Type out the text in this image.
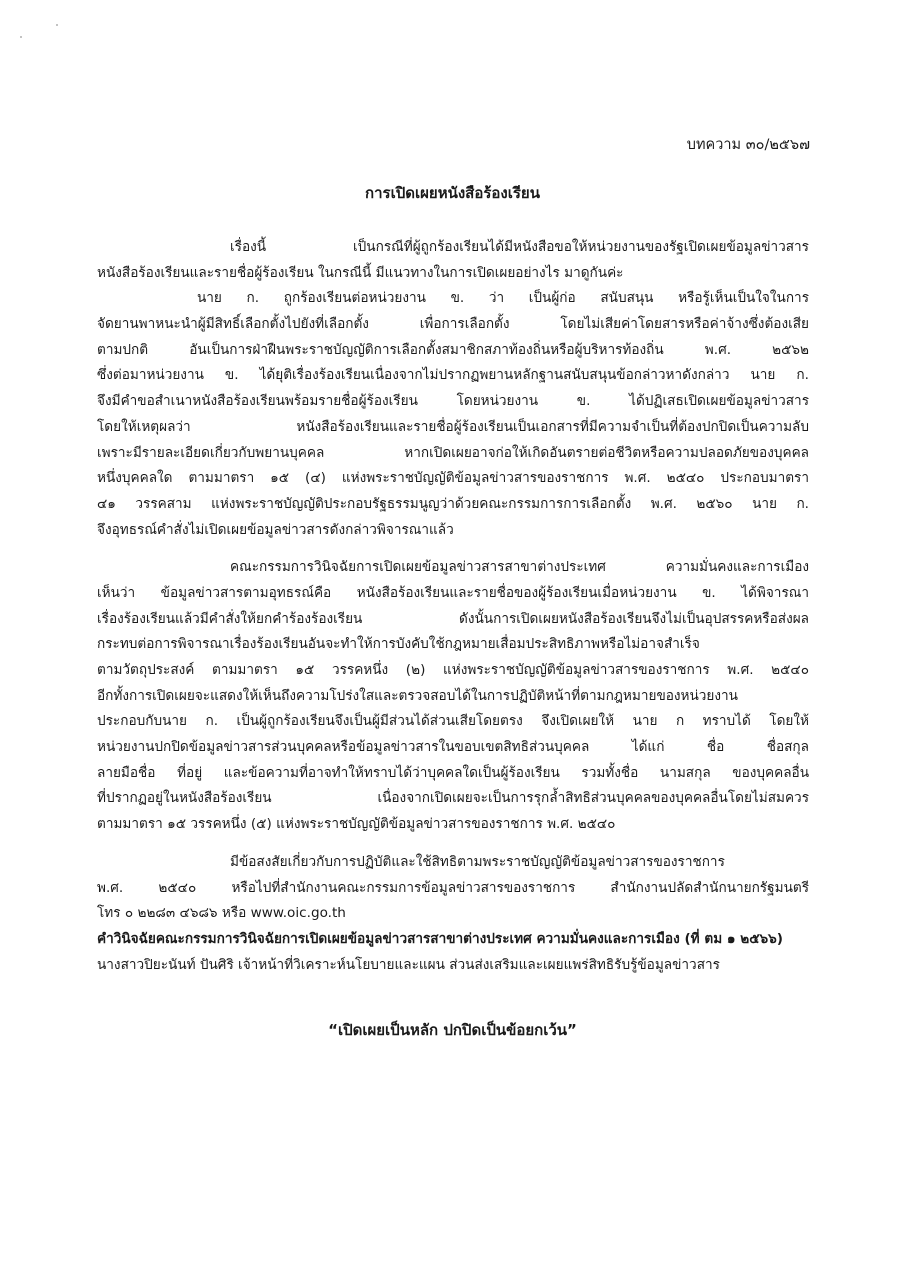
บทความ ๓๐/๒๕๖๗
การเปิดเผยหนังสือร้องเรียน
เรื่องนี้ เป็นกรณีที่ผู้ถูกร้องเรียนได้มีหนังสือขอให้หน่วยงานของรัฐเปิดเผยข้อมูลข่าวสาร
หนังสือร้องเรียนและรายชื่อผู้ร้องเรียน ในกรณีนี้ มีแนวทางในการเปิดเผยอย่างไร มาดูกันค่ะ
นาย ก. ถูกร้องเรียนต่อหน่วยงาน ข. ว่า เป็นผู้ก่อ สนับสนุน หรือรู้เห็นเป็นใจในการ
จัดยานพาหนะนำผู้มีสิทธิ์เลือกตั้งไปยังที่เลือกตั้ง เพื่อการเลือกตั้ง โดยไม่เสียค่าโดยสารหรือค่าจ้างซึ่งต้องเสีย
ตามปกติ อันเป็นการฝ่าฝืนพระราชบัญญัติการเลือกตั้งสมาชิกสภาท้องถิ่นหรือผู้บริหารท้องถิ่น พ.ศ. ๒๕๖๒
ซึ่งต่อมาหน่วยงาน ข. ได้ยุติเรื่องร้องเรียนเนื่องจากไม่ปรากฏพยานหลักฐานสนับสนุนข้อกล่าวหาดังกล่าว นาย ก.
จึงมีคำขอสำเนาหนังสือร้องเรียนพร้อมรายชื่อผู้ร้องเรียน โดยหน่วยงาน ข. ได้ปฏิเสธเปิดเผยข้อมูลข่าวสาร
โดยให้เหตุผลว่า หนังสือร้องเรียนและรายชื่อผู้ร้องเรียนเป็นเอกสารที่มีความจำเป็นที่ต้องปกปิดเป็นความลับ
เพราะมีรายละเอียดเกี่ยวกับพยานบุคคล หากเปิดเผยอาจก่อให้เกิดอันตรายต่อชีวิตหรือความปลอดภัยของบุคคล
หนึ่งบุคคลใด ตามมาตรา ๑๕ (๔) แห่งพระราชบัญญัติข้อมูลข่าวสารของราชการ พ.ศ. ๒๕๔๐ ประกอบมาตรา
๔๑ วรรคสาม แห่งพระราชบัญญัติประกอบรัฐธรรมนูญว่าด้วยคณะกรรมการการเลือกตั้ง พ.ศ. ๒๕๖๐ นาย ก.
จึงอุทธรณ์คำสั่งไม่เปิดเผยข้อมูลข่าวสารดังกล่าวพิจารณาแล้ว
คณะกรรมการวินิจฉัยการเปิดเผยข้อมูลข่าวสารสาขาต่างประเทศ ความมั่นคงและการเมือง
เห็นว่า ข้อมูลข่าวสารตามอุทธรณ์คือ หนังสือร้องเรียนและรายชื่อของผู้ร้องเรียนเมื่อหน่วยงาน ข. ได้พิจารณา
เรื่องร้องเรียนแล้วมีคำสั่งให้ยกคำร้องร้องเรียน ดังนั้นการเปิดเผยหนังสือร้องเรียนจึงไม่เป็นอุปสรรคหรือส่งผล
กระทบต่อการพิจารณาเรื่องร้องเรียนอันจะทำให้การบังคับใช้กฎหมายเสื่อมประสิทธิภาพหรือไม่อาจสำเร็จ
ตามวัตถุประสงค์ ตามมาตรา ๑๕ วรรคหนึ่ง (๒) แห่งพระราชบัญญัติข้อมูลข่าวสารของราชการ พ.ศ. ๒๕๔๐
อีกทั้งการเปิดเผยจะแสดงให้เห็นถึงความโปร่งใสและตรวจสอบได้ในการปฏิบัติหน้าที่ตามกฎหมายของหน่วยงาน
ประกอบกับนาย ก. เป็นผู้ถูกร้องเรียนจึงเป็นผู้มีส่วนได้ส่วนเสียโดยตรง จึงเปิดเผยให้ นาย ก ทราบได้ โดยให้
หน่วยงานปกปิดข้อมูลข่าวสารส่วนบุคคลหรือข้อมูลข่าวสารในขอบเขตสิทธิส่วนบุคคล ได้แก่ ชื่อ ชื่อสกุล
ลายมือชื่อ ที่อยู่ และข้อความที่อาจทำให้ทราบได้ว่าบุคคลใดเป็นผู้ร้องเรียน รวมทั้งชื่อ นามสกุล ของบุคคลอื่น
ที่ปรากฏอยู่ในหนังสือร้องเรียน เนื่องจากเปิดเผยจะเป็นการรุกล้ำสิทธิส่วนบุคคลของบุคคลอื่นโดยไม่สมควร
ตามมาตรา ๑๕ วรรคหนึ่ง (๕) แห่งพระราชบัญญัติข้อมูลข่าวสารของราชการ พ.ศ. ๒๕๔๐
มีข้อสงสัยเกี่ยวกับการปฏิบัติและใช้สิทธิตามพระราชบัญญัติข้อมูลข่าวสารของราชการ
พ.ศ. ๒๕๔๐ หรือไปที่สำนักงานคณะกรรมการข้อมูลข่าวสารของราชการ สำนักงานปลัดสำนักนายกรัฐมนตรี
โทร ๐ ๒๒๘๓ ๔๖๘๖ หรือ www.oic.go.th
คำวินิจฉัยคณะกรรมการวินิจฉัยการเปิดเผยข้อมูลข่าวสารสาขาต่างประเทศ ความมั่นคงและการเมือง (ที่ ตม ๑ ๒๕๖๖)
นางสาวปิยะนันท์ ปันศิริ เจ้าหน้าที่วิเคราะห์นโยบายและแผน ส่วนส่งเสริมและเผยแพร่สิทธิรับรู้ข้อมูลข่าวสาร
“เปิดเผยเป็นหลัก ปกปิดเป็นข้อยกเว้น”
